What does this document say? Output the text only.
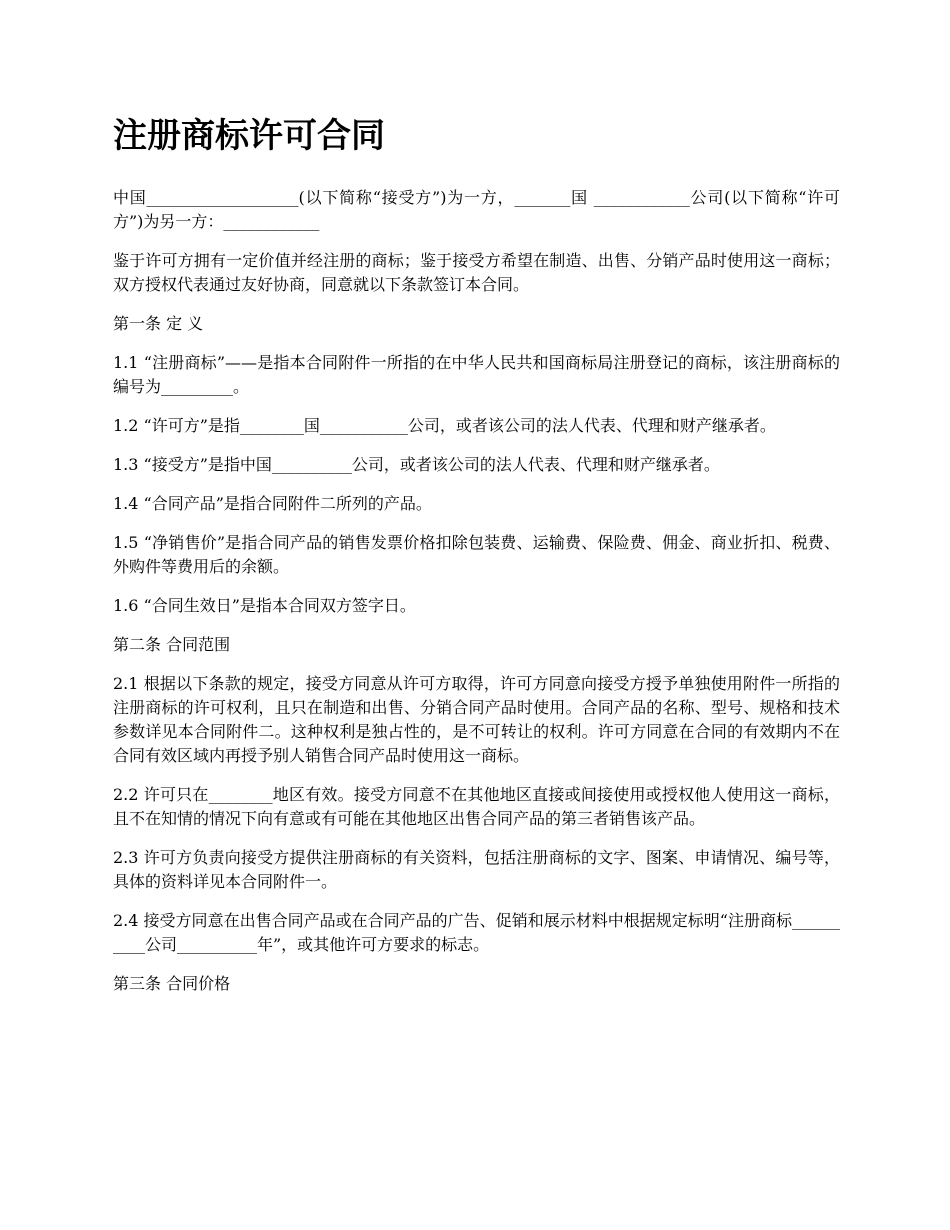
注册商标许可合同

中国___________________(以下简称“接受方”)为一方，_______国 ____________公司(以下简称“许可方”)为另一方：____________

鉴于许可方拥有一定价值并经注册的商标；鉴于接受方希望在制造、出售、分销产品时使用这一商标；双方授权代表通过友好协商，同意就以下条款签订本合同。

第一条 定 义

1.1 “注册商标”——是指本合同附件一所指的在中华人民共和国商标局注册登记的商标，该注册商标的编号为_________。

1.2 “许可方”是指________国___________公司，或者该公司的法人代表、代理和财产继承者。

1.3 “接受方”是指中国__________公司，或者该公司的法人代表、代理和财产继承者。

1.4 “合同产品”是指合同附件二所列的产品。

1.5 “净销售价”是指合同产品的销售发票价格扣除包装费、运输费、保险费、佣金、商业折扣、税费、外购件等费用后的余额。

1.6 “合同生效日”是指本合同双方签字日。

第二条 合同范围

2.1 根据以下条款的规定，接受方同意从许可方取得，许可方同意向接受方授予单独使用附件一所指的注册商标的许可权利，且只在制造和出售、分销合同产品时使用。合同产品的名称、型号、规格和技术参数详见本合同附件二。这种权利是独占性的，是不可转让的权利。许可方同意在合同的有效期内不在合同有效区域内再授予别人销售合同产品时使用这一商标。

2.2 许可只在________地区有效。接受方同意不在其他地区直接或间接使用或授权他人使用这一商标，且不在知情的情况下向有意或有可能在其他地区出售合同产品的第三者销售该产品。

2.3 许可方负责向接受方提供注册商标的有关资料，包括注册商标的文字、图案、申请情况、编号等，具体的资料详见本合同附件一。

2.4 接受方同意在出售合同产品或在合同产品的广告、促销和展示材料中根据规定标明“注册商标__________公司__________年”，或其他许可方要求的标志。

第三条 合同价格
